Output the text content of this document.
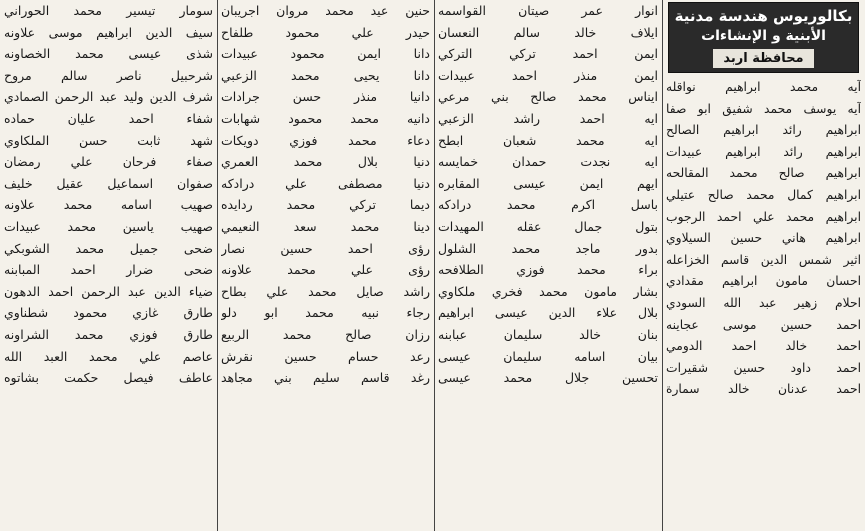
سومار تيسير محمد الحوراني
سيف الدين ابراهيم موسى علاونه
شذى عيسى محمد الخصاونه
شرحبيل ناصر سالم مروح
شرف الدين وليد عبد الرحمن الصمادي
شفاء احمد عليان حماده
شهد ثابت حسن الملكاوي
صفاء فرحان علي رمضان
صفوان اسماعيل عقيل خليف
صهيب اسامه محمد علاونه
صهيب ياسين محمد عبيدات
ضحى جميل محمد الشوبكي
ضحى ضرار احمد المبابنه
ضياء الدين عبد الرحمن احمد الدهون
طارق غازي محمود شطناوي
طارق فوزي محمد الشراونه
عاصم علي محمد العبد الله
عاطف فيصل حكمت بشاتوه
حنين عيد محمد مروان اجريبان
حيدر علي محمود طلفاح
دانا ايمن محمود عبيدات
دانا يحيى محمد الزعبي
دانيا منذر حسن جرادات
دانيه محمد محمود شهابات
دعاء محمد فوزي دويكات
دنيا بلال محمد العمري
دنيا مصطفى علي درادكه
ديما تركي محمد ردايده
دينا محمد سعد النعيمي
رؤى احمد حسين نصار
رؤى علي محمد علاونه
راشد صايل محمد علي بطاح
رجاء نبيه محمد ابو دلو
رزان صالح محمد الربيع
رعد حسام حسين نقرش
رغد قاسم سليم بني مجاهد
انوار عمر صيتان القواسمه
ايلاف خالد سالم النعسان
ايمن احمد تركي التركي
ايمن منذر احمد عبيدات
ايناس محمد صالح بني مرعي
ايه احمد راشد الزعبي
ايه محمد شعبان ابطح
ايه نجدت حمدان خمايسه
ايهم ايمن عيسى المقابره
باسل اكرم محمد درادكه
بتول جمال عقله المهيدات
بدور ماجد محمد الشلول
براء محمد فوزي الطلافحه
بشار مامون محمد فخري ملكاوي
بلال علاء الدين عيسى ابراهيم
بنان خالد سليمان عبابنه
بيان اسامه سليمان عيسى
تحسين جلال محمد عيسى
بكالوريوس هندسة مدنية
الأبنية و الإنشاءات
محافظة اربد
آيه محمد ابراهيم نواقله
آيه يوسف محمد شفيق ابو صفا
ابراهيم رائد ابراهيم الصالح
ابراهيم رائد ابراهيم عبيدات
ابراهيم صالح محمد المقالحه
ابراهيم كمال محمد صالح عتيلي
ابراهيم محمد علي احمد الرجوب
ابراهيم هاني حسين السيلاوي
اثير شمس الدين قاسم الخزاعله
احسان مامون ابراهيم مقدادي
احلام زهير عبد الله السودي
احمد حسين موسى عجاينه
احمد خالد احمد الدومي
احمد داود حسين شقيرات
احمد عدنان خالد سمارة
